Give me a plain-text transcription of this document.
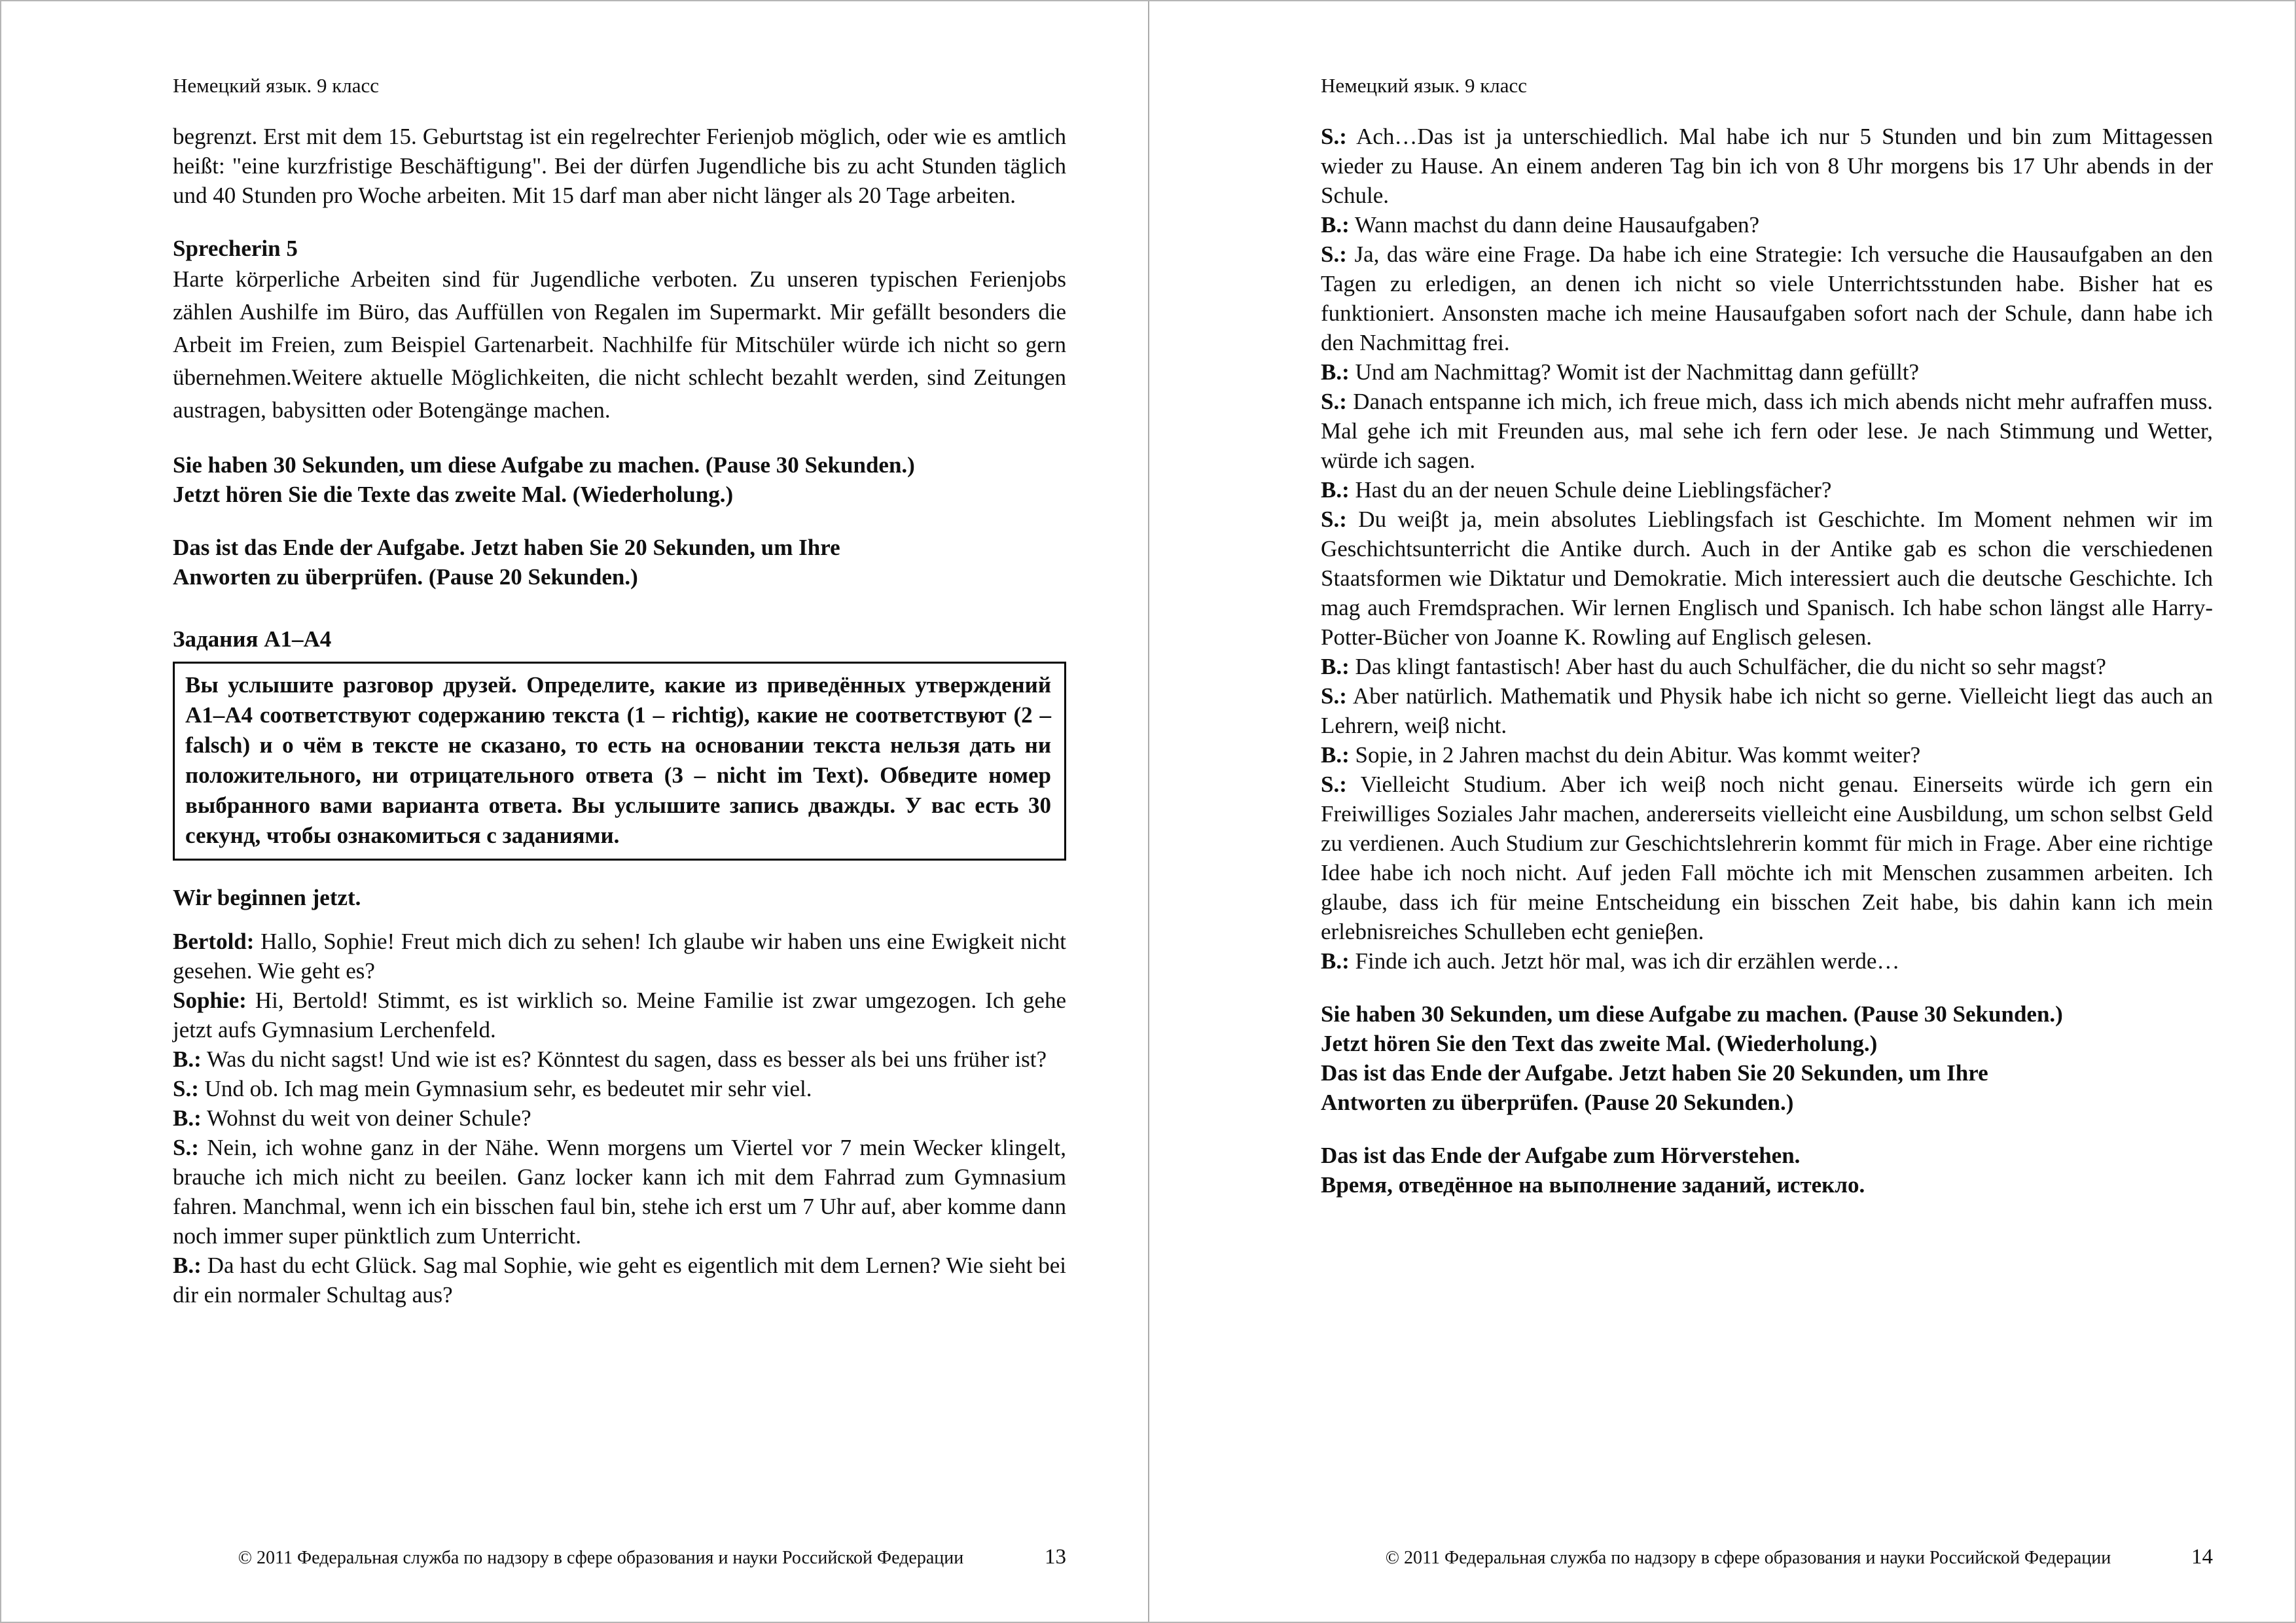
Немецкий язык. 9 класс

begrenzt. Erst mit dem 15. Geburtstag ist ein regelrechter Ferienjob möglich, oder wie es amtlich heißt: "eine kurzfristige Beschäftigung". Bei der dürfen Jugendliche bis zu acht Stunden täglich und 40 Stunden pro Woche arbeiten. Mit 15 darf man aber nicht länger als 20 Tage arbeiten.

Sprecherin 5

Harte körperliche Arbeiten sind für Jugendliche verboten. Zu unseren typischen Ferienjobs zählen Aushilfe im Büro, das Auffüllen von Regalen im Supermarkt. Mir gefällt besonders die Arbeit im Freien, zum Beispiel Gartenarbeit. Nachhilfe für Mitschüler würde ich nicht so gern übernehmen.Weitere aktuelle Möglichkeiten, die nicht schlecht bezahlt werden, sind Zeitungen austragen, babysitten oder Botengänge machen.

Sie haben 30 Sekunden, um diese Aufgabe zu machen. (Pause 30 Sekunden.)
Jetzt hören Sie die Texte das zweite Mal. (Wiederholung.)
Das ist das Ende der Aufgabe. Jetzt haben Sie 20 Sekunden, um Ihre
Anworten zu überprüfen. (Pause 20 Sekunden.)
Задания А1–А4
Вы услышите разговор друзей. Определите, какие из приведённых утверждений А1–А4 соответствуют содержанию текста (1 – richtig), какие не соответствуют (2 – falsch) и о чём в тексте не сказано, то есть на основании текста нельзя дать ни положительного, ни отрицательного ответа (3 – nicht im Text). Обведите номер выбранного вами варианта ответа. Вы услышите запись дважды. У вас есть 30 секунд, чтобы ознакомиться с заданиями.
Wir beginnen jetzt.

Bertold: Hallo, Sophie! Freut mich dich zu sehen! Ich glaube wir haben uns eine Ewigkeit nicht gesehen. Wie geht es?

Sophie: Hi, Bertold! Stimmt, es ist wirklich so. Meine Familie ist zwar umgezogen. Ich gehe jetzt aufs Gymnasium Lerchenfeld.

B.: Was du nicht sagst! Und wie ist es? Könntest du sagen, dass es besser als bei uns früher ist?

S.: Und ob. Ich mag mein Gymnasium sehr, es bedeutet mir sehr viel.

B.: Wohnst du weit von deiner Schule?

S.: Nein, ich wohne ganz in der Nähe. Wenn morgens um Viertel vor 7 mein Wecker klingelt, brauche ich mich nicht zu beeilen. Ganz locker kann ich mit dem Fahrrad zum Gymnasium fahren. Manchmal, wenn ich ein bisschen faul bin, stehe ich erst um 7 Uhr auf, aber komme dann noch immer super pünktlich zum Unterricht.

B.: Da hast du echt Glück. Sag mal Sophie, wie geht es eigentlich mit dem Lernen? Wie sieht bei dir ein normaler Schultag aus?

© 2011 Федеральная служба по надзору в сфере образования и науки Российской Федерации	13
Немецкий язык. 9 класс

S.: Ach…Das ist ja unterschiedlich. Mal habe ich nur 5 Stunden und bin zum Mittagessen wieder zu Hause. An einem anderen Tag bin ich von 8 Uhr morgens bis 17 Uhr abends in der Schule.

B.: Wann machst du dann deine Hausaufgaben?

S.: Ja, das wäre eine Frage. Da habe ich eine Strategie: Ich versuche die Hausaufgaben an den Tagen zu erledigen, an denen ich nicht so viele Unterrichtsstunden habe. Bisher hat es funktioniert. Ansonsten mache ich meine Hausaufgaben sofort nach der Schule, dann habe ich den Nachmittag frei.

B.: Und am Nachmittag? Womit ist der Nachmittag dann gefüllt?

S.: Danach entspanne ich mich, ich freue mich, dass ich mich abends nicht mehr aufraffen muss. Mal gehe ich mit Freunden aus, mal sehe ich fern oder lese. Je nach Stimmung und Wetter, würde ich sagen.

B.: Hast du an der neuen Schule deine Lieblingsfächer?

S.: Du weiβt ja, mein absolutes Lieblingsfach ist Geschichte. Im Moment nehmen wir im Geschichtsunterricht die Antike durch. Auch in der Antike gab es schon die verschiedenen Staatsformen wie Diktatur und Demokratie. Mich interessiert auch die deutsche Geschichte. Ich mag auch Fremdsprachen. Wir lernen Englisch und Spanisch. Ich habe schon längst alle Harry-Potter-Bücher von Joanne K. Rowling auf Englisch gelesen.

B.: Das klingt fantastisch! Aber hast du auch Schulfächer, die du nicht so sehr magst?

S.: Aber natürlich. Mathematik und Physik habe ich nicht so gerne. Vielleicht liegt das auch an Lehrern, weiβ nicht.

B.: Sopie, in 2 Jahren machst du dein Abitur. Was kommt weiter?

S.: Vielleicht Studium. Aber ich weiβ noch nicht genau. Einerseits würde ich gern ein Freiwilliges Soziales Jahr machen, andererseits vielleicht eine Ausbildung, um schon selbst Geld zu verdienen. Auch Studium zur Geschichtslehrerin kommt für mich in Frage. Aber eine richtige Idee habe ich noch nicht. Auf jeden Fall möchte ich mit Menschen zusammen arbeiten. Ich glaube, dass ich für meine Entscheidung ein bisschen Zeit habe, bis dahin kann ich mein erlebnisreiches Schulleben echt genieβen.

B.: Finde ich auch. Jetzt hör mal, was ich dir erzählen werde…

Sie haben 30 Sekunden, um diese Aufgabe zu machen. (Pause 30 Sekunden.)
Jetzt hören Sie den Text das zweite Mal. (Wiederholung.)
Das ist das Ende der Aufgabe. Jetzt haben Sie 20 Sekunden, um Ihre
Antworten zu überprüfen. (Pause 20 Sekunden.)
Das ist das Ende der Aufgabe zum Hörverstehen.
Время, отведённое на выполнение заданий, истекло.
© 2011 Федеральная служба по надзору в сфере образования и науки Российской Федерации	14
